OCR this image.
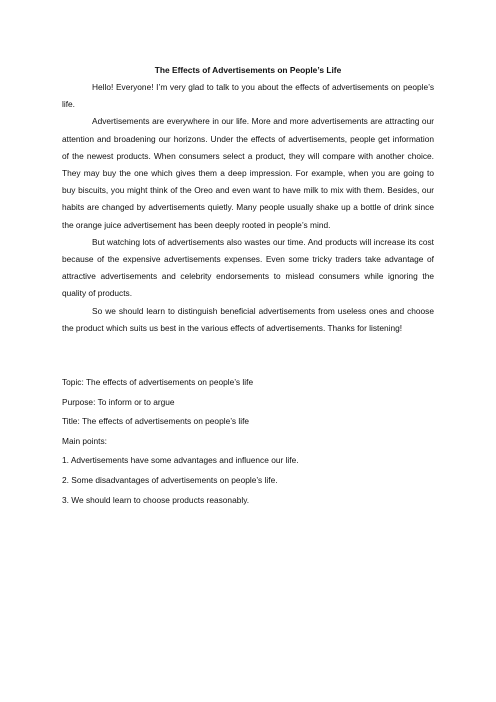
The Effects of Advertisements on People’s Life

Hello! Everyone! I’m very glad to talk to you about the effects of advertisements on people’s life.

Advertisements are everywhere in our life. More and more advertisements are attracting our attention and broadening our horizons. Under the effects of advertisements, people get information of the newest products. When consumers select a product, they will compare with another choice. They may buy the one which gives them a deep impression. For example, when you are going to buy biscuits, you might think of the Oreo and even want to have milk to mix with them. Besides, our habits are changed by advertisements quietly. Many people usually shake up a bottle of drink since the orange juice advertisement has been deeply rooted in people’s mind.

But watching lots of advertisements also wastes our time. And products will increase its cost because of the expensive advertisements expenses. Even some tricky traders take advantage of attractive advertisements and celebrity endorsements to mislead consumers while ignoring the quality of products.

So we should learn to distinguish beneficial advertisements from useless ones and choose the product which suits us best in the various effects of advertisements. Thanks for listening!

Topic: The effects of advertisements on people’s life

Purpose: To inform or to argue

Title: The effects of advertisements on people’s life

Main points:

1. Advertisements have some advantages and influence our life.

2. Some disadvantages of advertisements on people’s life.

3. We should learn to choose products reasonably.
